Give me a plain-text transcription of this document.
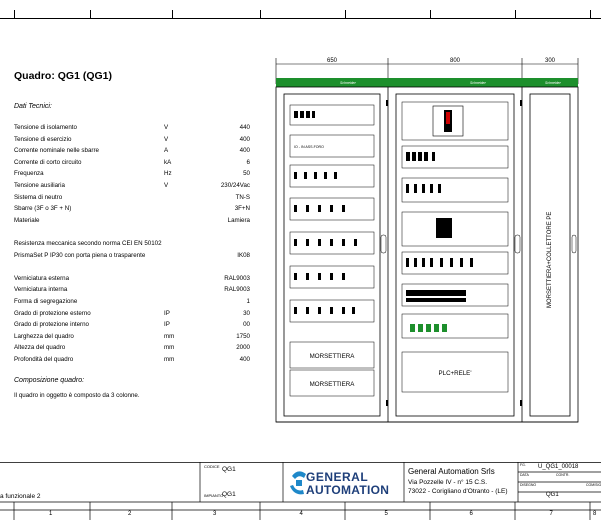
Quadro: QG1 (QG1)
Dati Tecnici:
Tensione di isolamento	V	440
Tensione di esercizio	V	400
Corrente nominale nelle sbarre	A	400
Corrente di corto circuito	kA	6
Frequenza	Hz	50
Tensione ausiliaria	V	230/24Vac
Sistema di neutro	TN-S
Sbarre (3F o 3F + N)	3F+N
Materiale	Lamiera
Resistenza meccanica secondo norma CEI EN 50102
PrismaSet P IP30 con porta piena o trasparente	IK08
Verniciatura esterna	RAL9003
Verniciatura interna	RAL9003
Forma di segregazione	1
Grado di protezione esterno	IP	30
Grado di protezione interno	IP	00
Larghezza del quadro	mm	1750
Altezza del quadro	mm	2000
Profondità del quadro	mm	400
Composizione quadro:
Il quadro in oggetto è composto da 3 colonne.
650	800	300
Schneider	Schneider	Schneider
IO - IN ASS.FORO
MORSETTIERA
MORSETTIERA
PLC+RELE'
MORSETTIERA+COLLETTORE PE
a funzionale 2
CODICE QG1
IMPIANTO
QG1
GENERAL
AUTOMATION
General Automation Srls
Via Pozzelle IV - n° 15 C.S.
73022 - Corigliano d'Otranto - (LE)
FG. U_QG1_00018
DATA	CONTR.
DISEGNO
QG1
COM/SIG
1	2	3	4	5	6	7	8
